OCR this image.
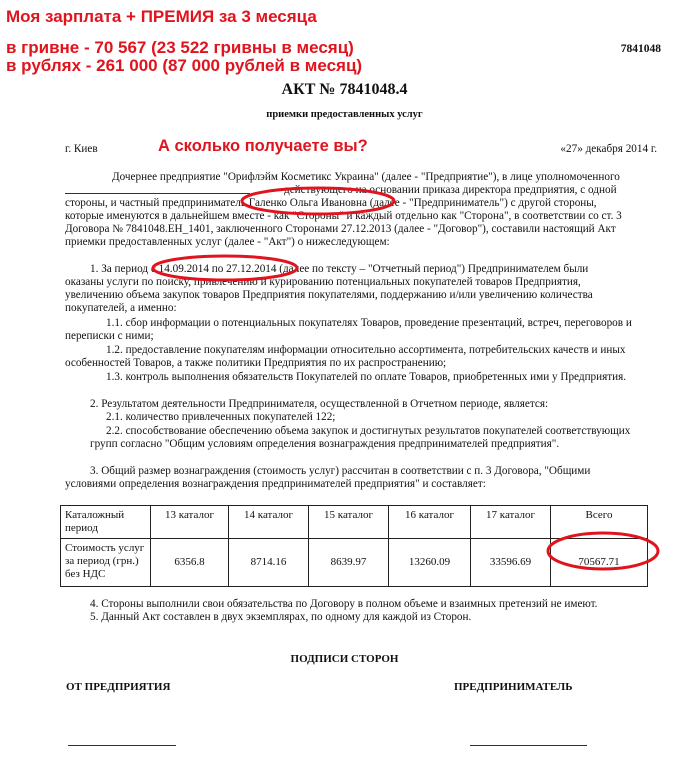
Моя зарплата + ПРЕМИЯ за 3 месяца
в гривне - 70 567 (23 522 гривны в месяц)
в рублях - 261 000 (87 000 рублей в месяц)
7841048
АКТ № 7841048.4
приемки предоставленных услуг
г. Киев	А сколько получаете вы?	«27» декабря 2014 г.
Дочернее предприятие "Орифлэйм Косметикс Украина" (далее - "Предприятие"), в лице уполномоченного
действующего на основании приказа директора предприятия, с одной
стороны, и частный предприниматель Галенко Ольга Ивановна (далее - "Предприниматель") с другой стороны,
которые именуются в дальнейшем вместе - как "Стороны" и каждый отдельно как "Сторона", в соответствии со ст. 3
Договора № 7841048.ЕН_1401, заключенного Сторонами 27.12.2013 (далее - "Договор"), составили настоящий Акт
приемки предоставленных услуг (далее - "Акт") о нижеследующем:
1. За период с 14.09.2014 по 27.12.2014 (далее по тексту – "Отчетный период") Предпринимателем были
оказаны услуги по поиску, привлечению и курированию потенциальных покупателей товаров Предприятия,
увеличению объема закупок товаров Предприятия покупателями, поддержанию и/или увеличению количества
покупателей, а именно:
1.1. сбор информации о потенциальных покупателях Товаров, проведение презентаций, встреч, переговоров и
переписки с ними;
1.2. предоставление покупателям информации относительно ассортимента, потребительских качеств и иных
особенностей Товаров, а также политики Предприятия по их распространению;
1.3. контроль выполнения обязательств Покупателей по оплате Товаров, приобретенных ими у Предприятия.
2. Результатом деятельности Предпринимателя, осуществленной в Отчетном периоде, является:
2.1. количество привлеченных покупателей 122;
2.2. способствование обеспечению объема закупок и достигнутых результатов покупателей соответствующих
групп согласно "Общим условиям определения вознаграждения предпринимателей предприятия".
3. Общий размер вознаграждения (стоимость услуг) рассчитан в соответствии с п. 3 Договора, "Общими
условиями определения вознаграждения предпринимателей предприятия" и составляет:
Каталожный период	13 каталог	14 каталог	15 каталог	16 каталог	17 каталог	Всего
Стоимость услуг за период (грн.) без НДС	6356.8	8714.16	8639.97	13260.09	33596.69	70567.71
4. Стороны выполнили свои обязательства по Договору в полном объеме и взаимных претензий не имеют.
5. Данный Акт составлен в двух экземплярах, по одному для каждой из Сторон.
ПОДПИСИ СТОРОН
ОТ ПРЕДПРИЯТИЯ	ПРЕДПРИНИМАТЕЛЬ
